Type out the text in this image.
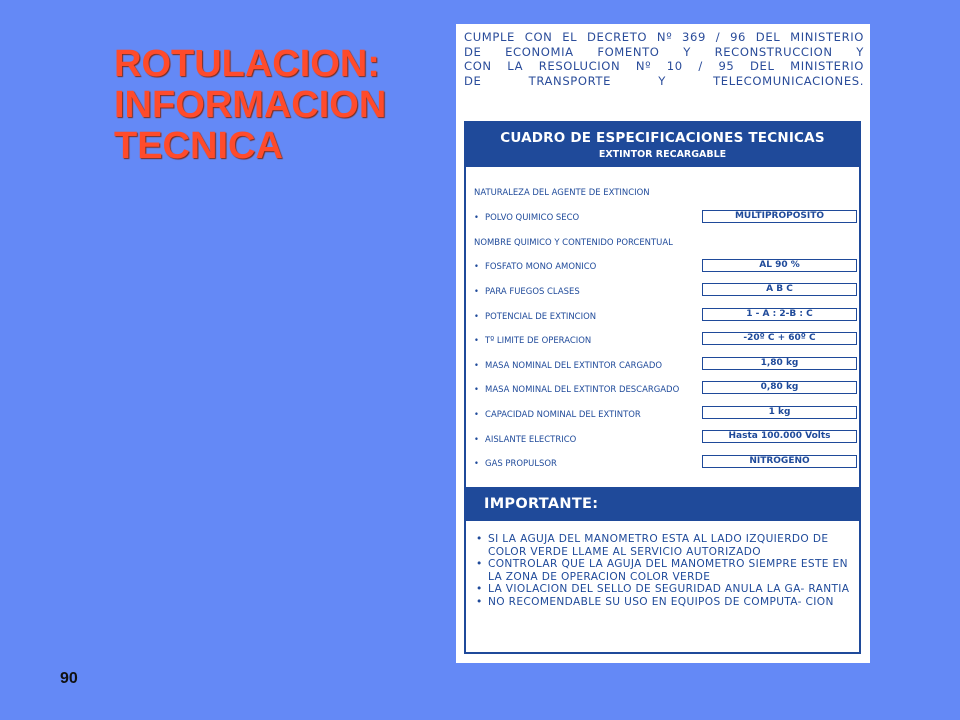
ROTULACION:
INFORMACION
TECNICA
CUMPLE CON EL DECRETO Nº 369 / 96 DEL MINISTERIO
DE ECONOMIA FOMENTO Y RECONSTRUCCION Y
CON LA RESOLUCION Nº 10 / 95 DEL MINISTERIO
DE TRANSPORTE Y TELECOMUNICACIONES.
CUADRO DE ESPECIFICACIONES TECNICAS
EXTINTOR RECARGABLE
NATURALEZA DEL AGENTE DE EXTINCION
• POLVO QUIMICO SECO	MULTIPROPOSITO
NOMBRE QUIMICO Y CONTENIDO PORCENTUAL
• FOSFATO MONO AMONICO	AL 90 %
• PARA FUEGOS CLASES	A B C
• POTENCIAL DE EXTINCION	1 - A : 2-B : C
• Tº LIMITE DE OPERACION	-20º C + 60º C
• MASA NOMINAL DEL EXTINTOR CARGADO	1,80 kg
• MASA NOMINAL DEL EXTINTOR DESCARGADO	0,80 kg
• CAPACIDAD NOMINAL DEL EXTINTOR	1 kg
• AISLANTE ELECTRICO	Hasta 100.000 Volts
• GAS PROPULSOR	NITROGENO
IMPORTANTE:
• SI LA AGUJA DEL MANOMETRO ESTA AL LADO IZQUIERDO DE COLOR VERDE LLAME AL SERVICIO AUTORIZADO
• CONTROLAR QUE LA AGUJA DEL MANOMETRO SIEMPRE ESTE EN LA ZONA DE OPERACION COLOR VERDE
• LA VIOLACION DEL SELLO DE SEGURIDAD ANULA LA GA- RANTIA
• NO RECOMENDABLE SU USO EN EQUIPOS DE COMPUTA- CION
90
